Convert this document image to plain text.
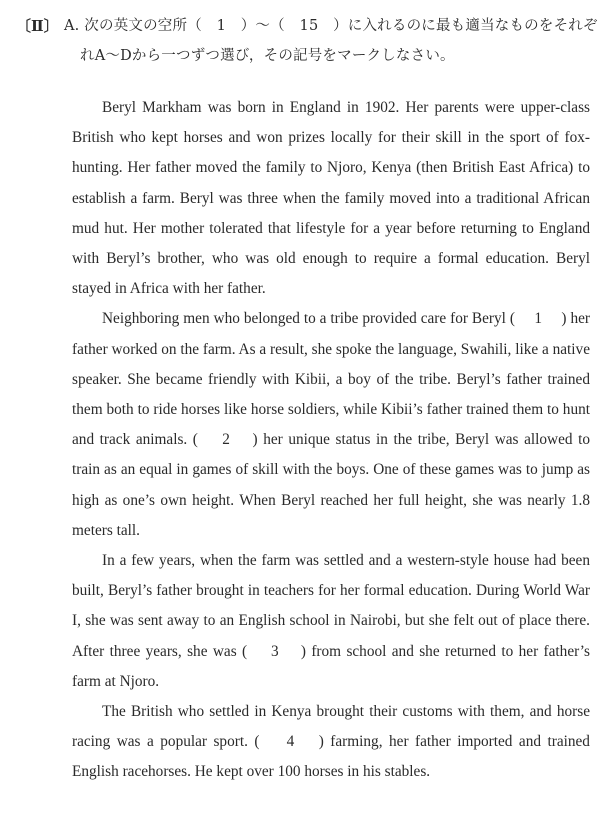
〔Ⅱ〕 A. 次の英文の空所（　1　）～（　15　）に入れるのに最も適当なものをそれぞ
れA～Dから一つずつ選び，その記号をマークしなさい。

Beryl Markham was born in England in 1902. Her parents were upper-class British who kept horses and won prizes locally for their skill in the sport of fox-hunting. Her father moved the family to Njoro, Kenya (then British East Africa) to establish a farm. Beryl was three when the family moved into a traditional African mud hut. Her mother tolerated that lifestyle for a year before returning to England with Beryl’s brother, who was old enough to require a formal education. Beryl stayed in Africa with her father.

Neighboring men who belonged to a tribe provided care for Beryl (　 1 　) her father worked on the farm. As a result, she spoke the language, Swahili, like a native speaker. She became friendly with Kibii, a boy of the tribe. Beryl’s father trained them both to ride horses like horse soldiers, while Kibii’s father trained them to hunt and track animals. (　 2 　) her unique status in the tribe, Beryl was allowed to train as an equal in games of skill with the boys. One of these games was to jump as high as one’s own height. When Beryl reached her full height, she was nearly 1.8 meters tall.

In a few years, when the farm was settled and a western-style house had been built, Beryl’s father brought in teachers for her formal education. During World War I, she was sent away to an English school in Nairobi, but she felt out of place there. After three years, she was (　 3 　) from school and she returned to her father’s farm at Njoro.

The British who settled in Kenya brought their customs with them, and horse racing was a popular sport. (　 4 　) farming, her father imported and trained English racehorses. He kept over 100 horses in his stables.
